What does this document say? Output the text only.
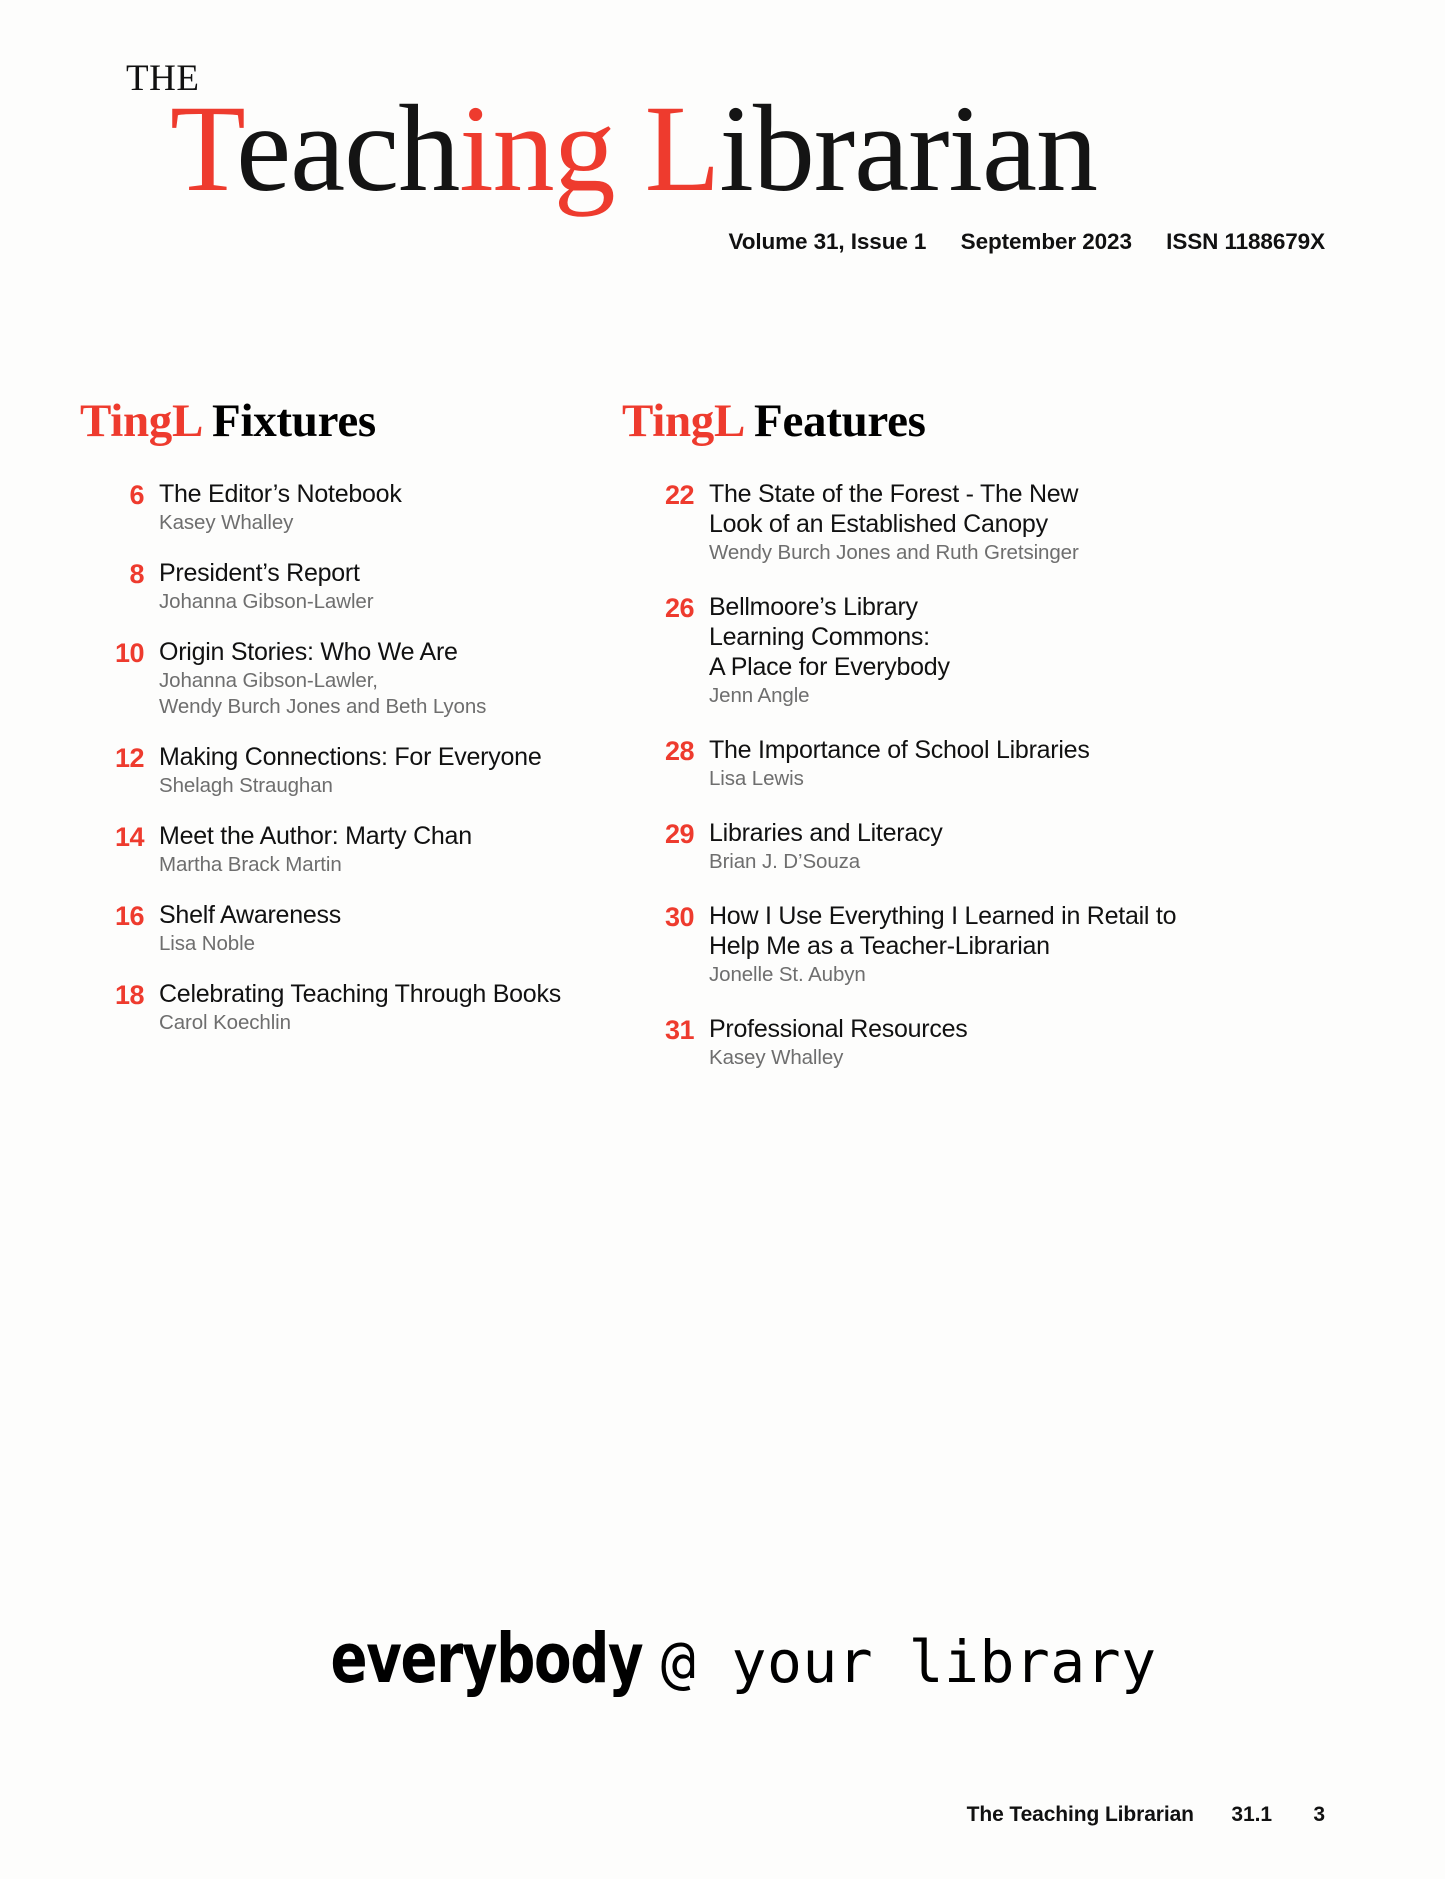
THE
Teaching Librarian
Volume 31, Issue 1 September 2023 ISSN 1188679X
TingL Fixtures
6 The Editor’s Notebook
Kasey Whalley
8 President’s Report
Johanna Gibson-Lawler
10 Origin Stories: Who We Are
Johanna Gibson-Lawler,
Wendy Burch Jones and Beth Lyons
12 Making Connections: For Everyone
Shelagh Straughan
14 Meet the Author: Marty Chan
Martha Brack Martin
16 Shelf Awareness
Lisa Noble
18 Celebrating Teaching Through Books
Carol Koechlin
TingL Features
22 The State of the Forest - The New
Look of an Established Canopy
Wendy Burch Jones and Ruth Gretsinger
26 Bellmoore’s Library
Learning Commons:
A Place for Everybody
Jenn Angle
28 The Importance of School Libraries
Lisa Lewis
29 Libraries and Literacy
Brian J. D’Souza
30 How I Use Everything I Learned in Retail to
Help Me as a Teacher-Librarian
Jonelle St. Aubyn
31 Professional Resources
Kasey Whalley
everybody @ your library
The Teaching Librarian 31.1 3
